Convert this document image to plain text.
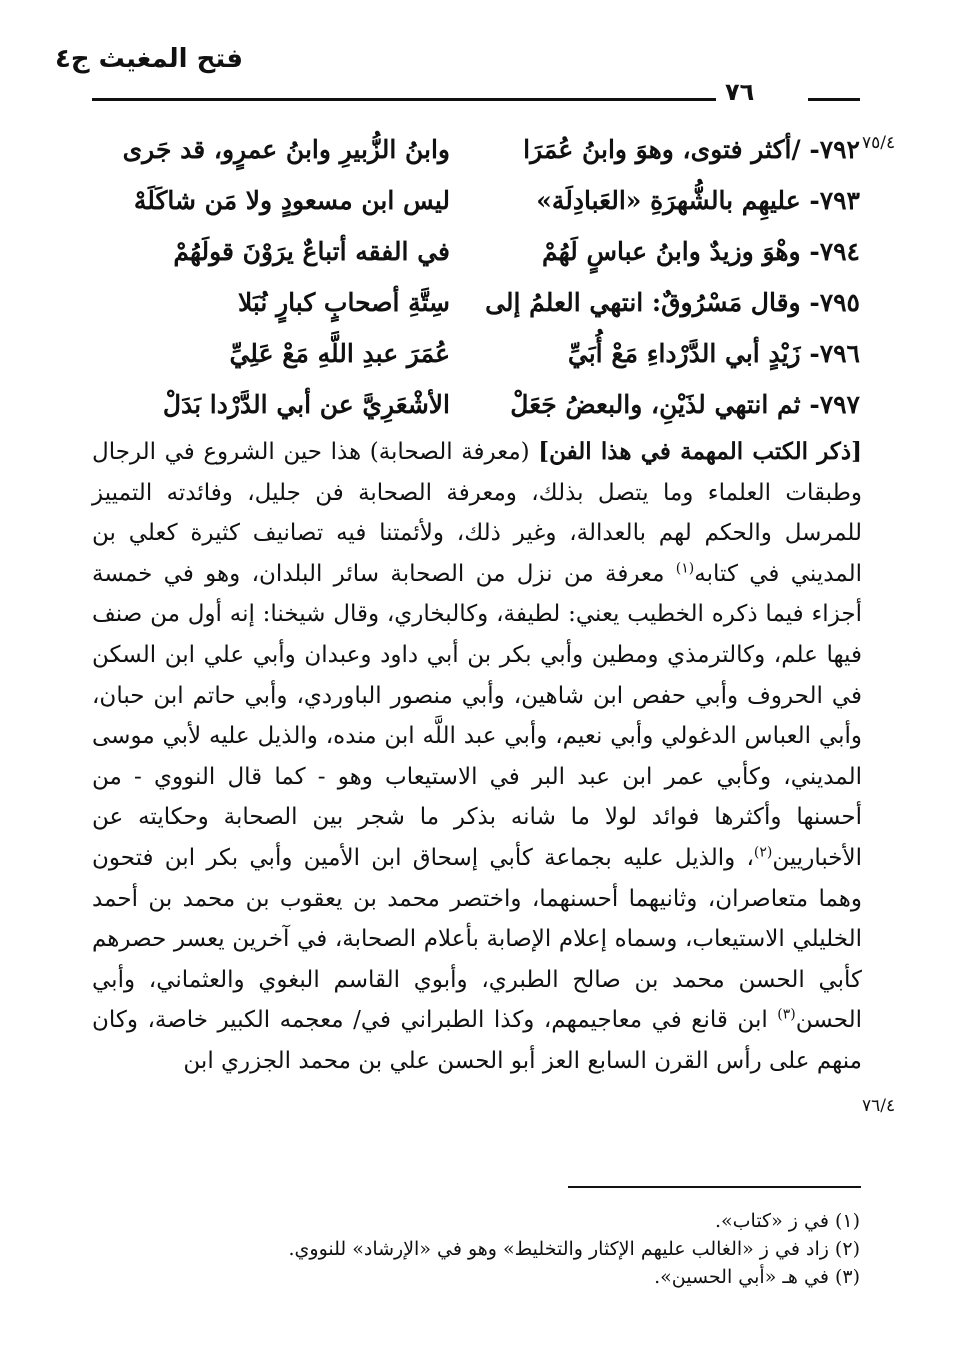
فتح المغيث ج٤
٧٦
٧٥/٤
٧٦/٤
٧٩٢- /أكثر فتوى، وهوَ وابنُ عُمَرَا
وابنُ الزُّبيرِ وابنُ عمرٍو، قد جَرى
٧٩٣- عليهِم بالشُّهرَةِ «العَبادِلَة»
ليس ابن مسعودٍ ولا مَن شاكَلَهْ
٧٩٤- وهْوَ وزيدٌ وابنُ عباسٍ لَهُمْ
في الفقه أتباعٌ يرَوْنَ قولَهُمْ
٧٩٥- وقال مَسْرُوقٌ: انتهي العلمُ إلى
سِتَّةِ أصحابٍ كبارٍ نُبَلا
٧٩٦- زَيْدٍ أبي الدَّرْداءِ مَعْ أُبَيِّ
عُمَرَ عبدِ اللَّهِ مَعْ عَلِيِّ
٧٩٧- ثم انتهي لذَيْنِ، والبعضُ جَعَلْ
الأشْعَرِيَّ عن أبي الدَّرْدا بَدَلْ

[ذكر الكتب المهمة في هذا الفن] (معرفة الصحابة) هذا حين الشروع في الرجال وطبقات العلماء وما يتصل بذلك، ومعرفة الصحابة فن جليل، وفائدته التمييز للمرسل والحكم لهم بالعدالة، وغير ذلك، ولأئمتنا فيه تصانيف كثيرة كعلي بن المديني في كتابه$^{(١)}$ معرفة من نزل من الصحابة سائر البلدان، وهو في خمسة أجزاء فيما ذكره الخطيب يعني: لطيفة، وكالبخاري، وقال شيخنا: إنه أول من صنف فيها علم، وكالترمذي ومطين وأبي بكر بن أبي داود وعبدان وأبي علي ابن السكن في الحروف وأبي حفص ابن شاهين، وأبي منصور الباوردي، وأبي حاتم ابن حبان، وأبي العباس الدغولي وأبي نعيم، وأبي عبد اللَّه ابن منده، والذيل عليه لأبي موسى المديني، وكأبي عمر ابن عبد البر في الاستيعاب وهو - كما قال النووي - من أحسنها وأكثرها فوائد لولا ما شانه بذكر ما شجر بين الصحابة وحكايته عن الأخباريين$^{(٢)}$، والذيل عليه بجماعة كأبي إسحاق ابن الأمين وأبي بكر ابن فتحون وهما متعاصران، وثانيهما أحسنهما، واختصر محمد بن يعقوب بن محمد بن أحمد الخليلي الاستيعاب، وسماه إعلام الإصابة بأعلام الصحابة، في آخرين يعسر حصرهم كأبي الحسن محمد بن صالح الطبري، وأبوي القاسم البغوي والعثماني، وأبي الحسن$^{(٣)}$ ابن قانع في معاجيمهم، وكذا الطبراني في/ معجمه الكبير خاصة، وكان منهم على رأس القرن السابع العز أبو الحسن علي بن محمد الجزري ابن

(١) في ز «كتاب».
(٢) زاد في ز «الغالب عليهم الإكثار والتخليط» وهو في «الإرشاد» للنووي.
(٣) في هـ «أبي الحسين».
